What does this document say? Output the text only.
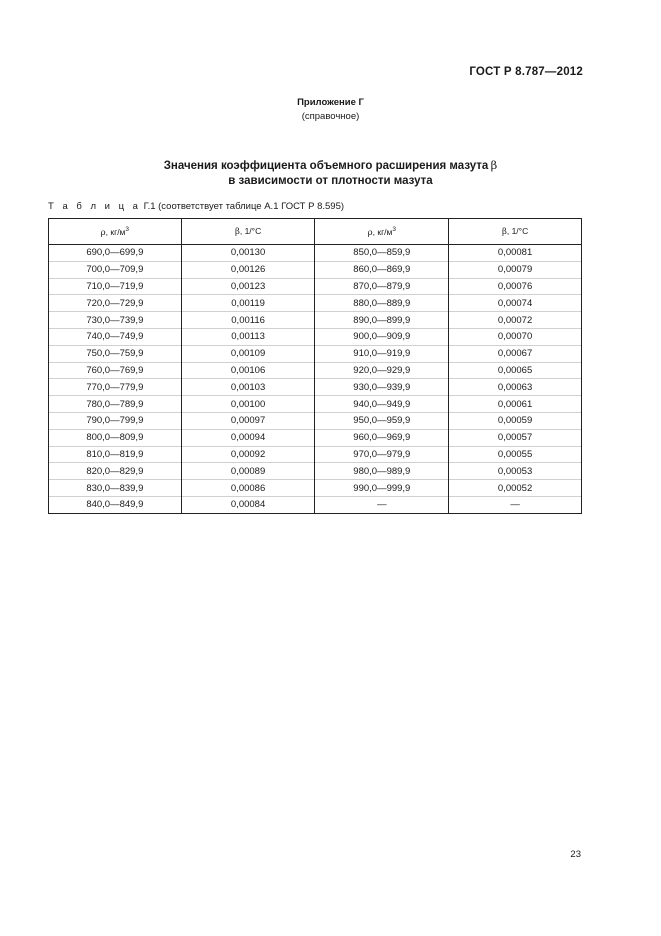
ГОСТ Р 8.787—2012
Приложение Г
(справочное)
Значения коэффициента объемного расширения мазута  β
в зависимости от плотности мазута
Т а б л и ц а Г.1 (соответствует таблице А.1 ГОСТ Р 8.595)
ρ, $кг/м^3$	β, 1/°С	ρ, $кг/м^3$	β, 1/°С
690,0—699,9	0,00130	850,0—859,9	0,00081
700,0—709,9	0,00126	860,0—869,9	0,00079
710,0—719,9	0,00123	870,0—879,9	0,00076
720,0—729,9	0,00119	880,0—889,9	0,00074
730,0—739,9	0,00116	890,0—899,9	0,00072
740,0—749,9	0,00113	900,0—909,9	0,00070
750,0—759,9	0,00109	910,0—919,9	0,00067
760,0—769,9	0,00106	920,0—929,9	0,00065
770,0—779,9	0,00103	930,0—939,9	0,00063
780,0—789,9	0,00100	940,0—949,9	0,00061
790,0—799,9	0,00097	950,0—959,9	0,00059
800,0—809,9	0,00094	960,0—969,9	0,00057
810,0—819,9	0,00092	970,0—979,9	0,00055
820,0—829,9	0,00089	980,0—989,9	0,00053
830,0—839,9	0,00086	990,0—999,9	0,00052
840,0—849,9	0,00084	—	—
23
